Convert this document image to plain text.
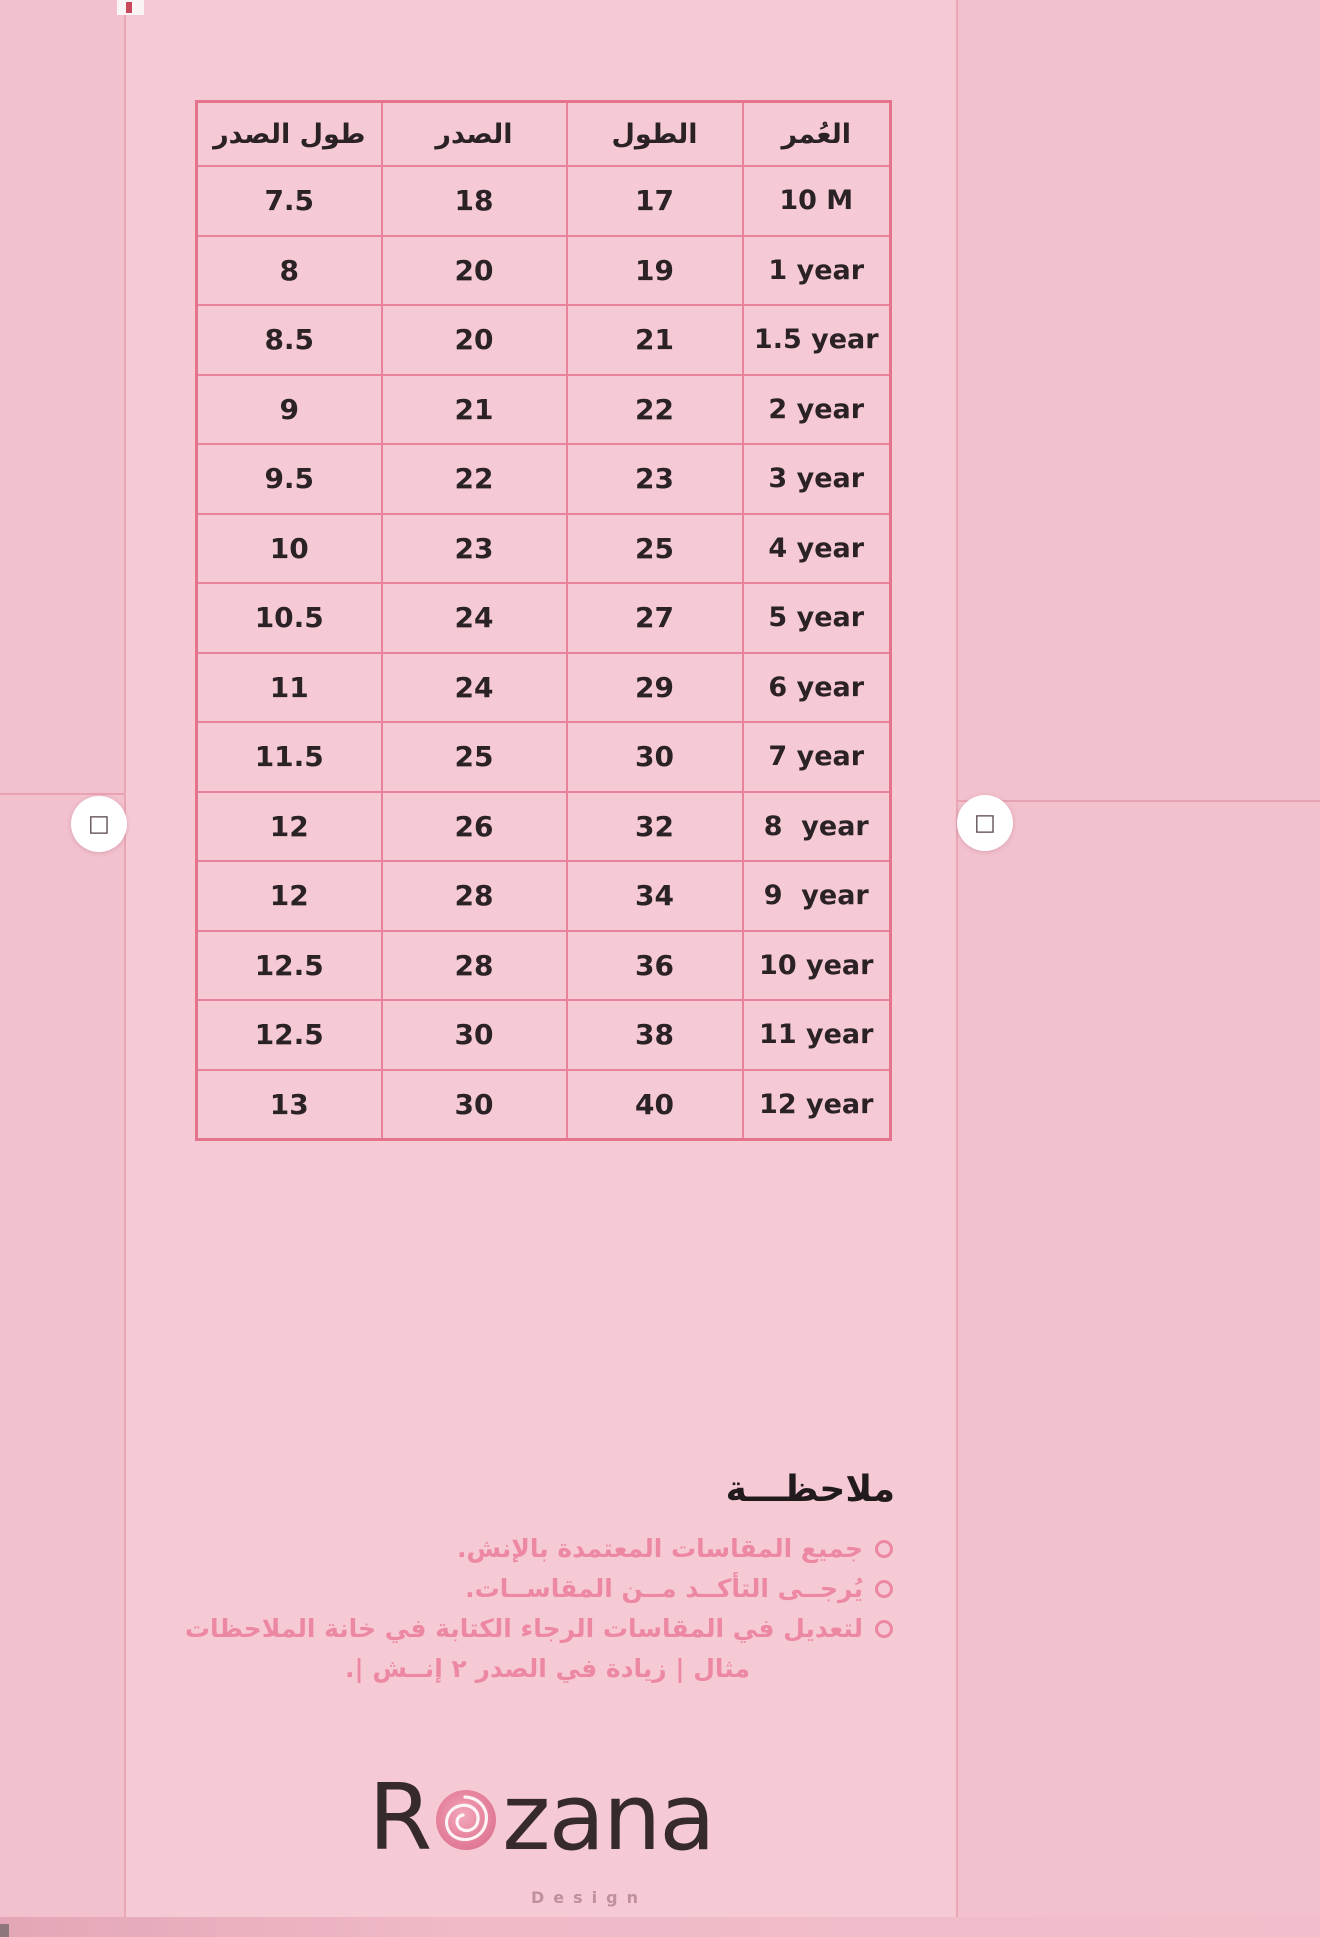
□	□
طول الصدر	الصدر	الطول	العُمر
7.5	18	17	10 M
8	20	19	1 year
8.5	20	21	1.5 year
9	21	22	2 year
9.5	22	23	3 year
10	23	25	4 year
10.5	24	27	5 year
11	24	29	6 year
11.5	25	30	7 year
12	26	32	8  year
12	28	34	9  year
12.5	28	36	10 year
12.5	30	38	11 year
13	30	40	12 year
ملاحظـــة
جميع المقاسات المعتمدة بالإنش.
يُرجــى التأكــد مــن المقاســات.
لتعديل في المقاسات الرجاء الكتابة في خانة الملاحظات
مثال | زيادة في الصدر ٢ إنــش |.
R zana
Design
